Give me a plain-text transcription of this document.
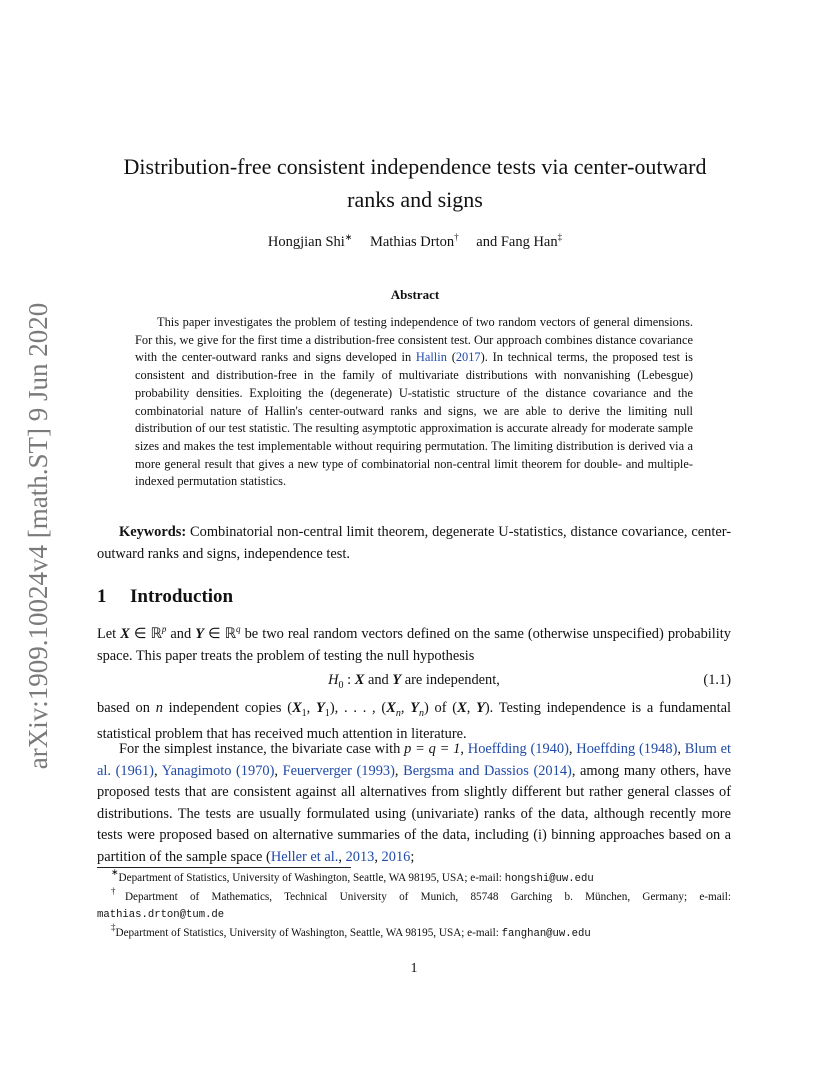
arXiv:1909.10024v4 [math.ST] 9 Jun 2020
Distribution-free consistent independence tests via center-outward
ranks and signs
Hongjian Shi∗ Mathias Drton† and Fang Han‡
Abstract
This paper investigates the problem of testing independence of two random vectors of general dimensions. For this, we give for the first time a distribution-free consistent test. Our approach combines distance covariance with the center-outward ranks and signs developed in Hallin (2017). In technical terms, the proposed test is consistent and distribution-free in the family of multivariate distributions with nonvanishing (Lebesgue) probability densities. Exploiting the (degenerate) U-statistic structure of the distance covariance and the combinatorial nature of Hallin's center-outward ranks and signs, we are able to derive the limiting null distribution of our test statistic. The resulting asymptotic approximation is accurate already for moderate sample sizes and makes the test implementable without requiring permutation. The limiting distribution is derived via a more general result that gives a new type of combinatorial non-central limit theorem for double- and multiple-indexed permutation statistics.
Keywords: Combinatorial non-central limit theorem, degenerate U-statistics, distance covariance, center-outward ranks and signs, independence test.
1 Introduction
Let X ∈ ℝ$^p$ and Y ∈ ℝ$^q$ be two real random vectors defined on the same (otherwise unspecified) probability space. This paper treats the problem of testing the null hypothesis
$H_0$ : X and Y are independent,	(1.1)
based on n independent copies ($X_1$, $Y_1$), . . . , ($X_n$, $Y_n$) of (X, Y). Testing independence is a fundamental statistical problem that has received much attention in literature.
For the simplest instance, the bivariate case with p = q = 1, Hoeffding (1940), Hoeffding (1948), Blum et al. (1961), Yanagimoto (1970), Feuerverger (1993), Bergsma and Dassios (2014), among many others, have proposed tests that are consistent against all alternatives from slightly different but rather general classes of distributions. The tests are usually formulated using (univariate) ranks of the data, although recently more tests were proposed based on alternative summaries of the data, including (i) binning approaches based on a partition of the sample space (Heller et al., 2013, 2016;
∗Department of Statistics, University of Washington, Seattle, WA 98195, USA; e-mail: hongshi@uw.edu
†Department of Mathematics, Technical University of Munich, 85748 Garching b. München, Germany; e-mail: mathias.drton@tum.de
‡Department of Statistics, University of Washington, Seattle, WA 98195, USA; e-mail: fanghan@uw.edu
1
